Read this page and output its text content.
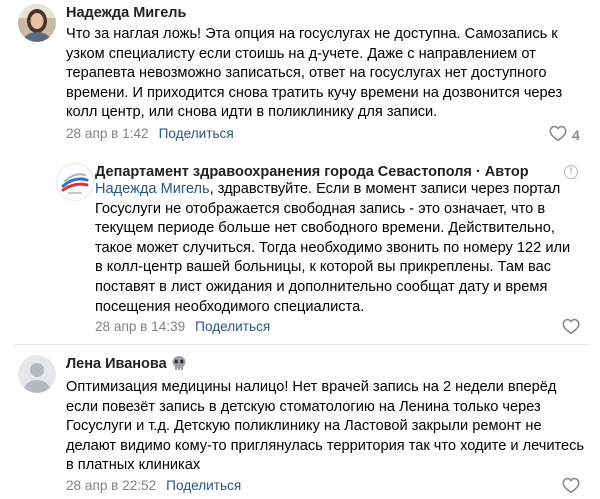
Надежда Мигель
Что за наглая ложь! Эта опция на госуслугах не доступна. Самозапись к
узком специалисту если стоишь на д-учете. Даже с направлением от
терапевта невозможно записаться, ответ на госуслугах нет доступного
времени. И приходится снова тратить кучу времени на дозвонится через
колл центр, или снова идти в поликлинику для записи.
28 апр в 1:42 Поделиться	4
Департамент здравоохранения города Севастополя · Автор	!
Надежда Мигель, здравствуйте. Если в момент записи через портал
Госуслуги не отображается свободная запись - это означает, что в
текущем периоде больше нет свободного времени. Действительно,
такое может случиться. Тогда необходимо звонить по номеру 122 или
в колл-центр вашей больницы, к которой вы прикреплены. Там вас
поставят в лист ожидания и дополнительно сообщат дату и время
посещения необходимого специалиста.
28 апр в 14:39 Поделиться
Лена Иванова
Оптимизация медицины налицо! Нет врачей запись на 2 недели вперёд
если повезёт запись в детскую стоматологию на Ленина только через
Госуслуги и т.д. Детскую поликлинику на Ластовой закрыли ремонт не
делают видимо кому-то приглянулась территория так что ходите и лечитесь
в платных клиниках
28 апр в 22:52 Поделиться
